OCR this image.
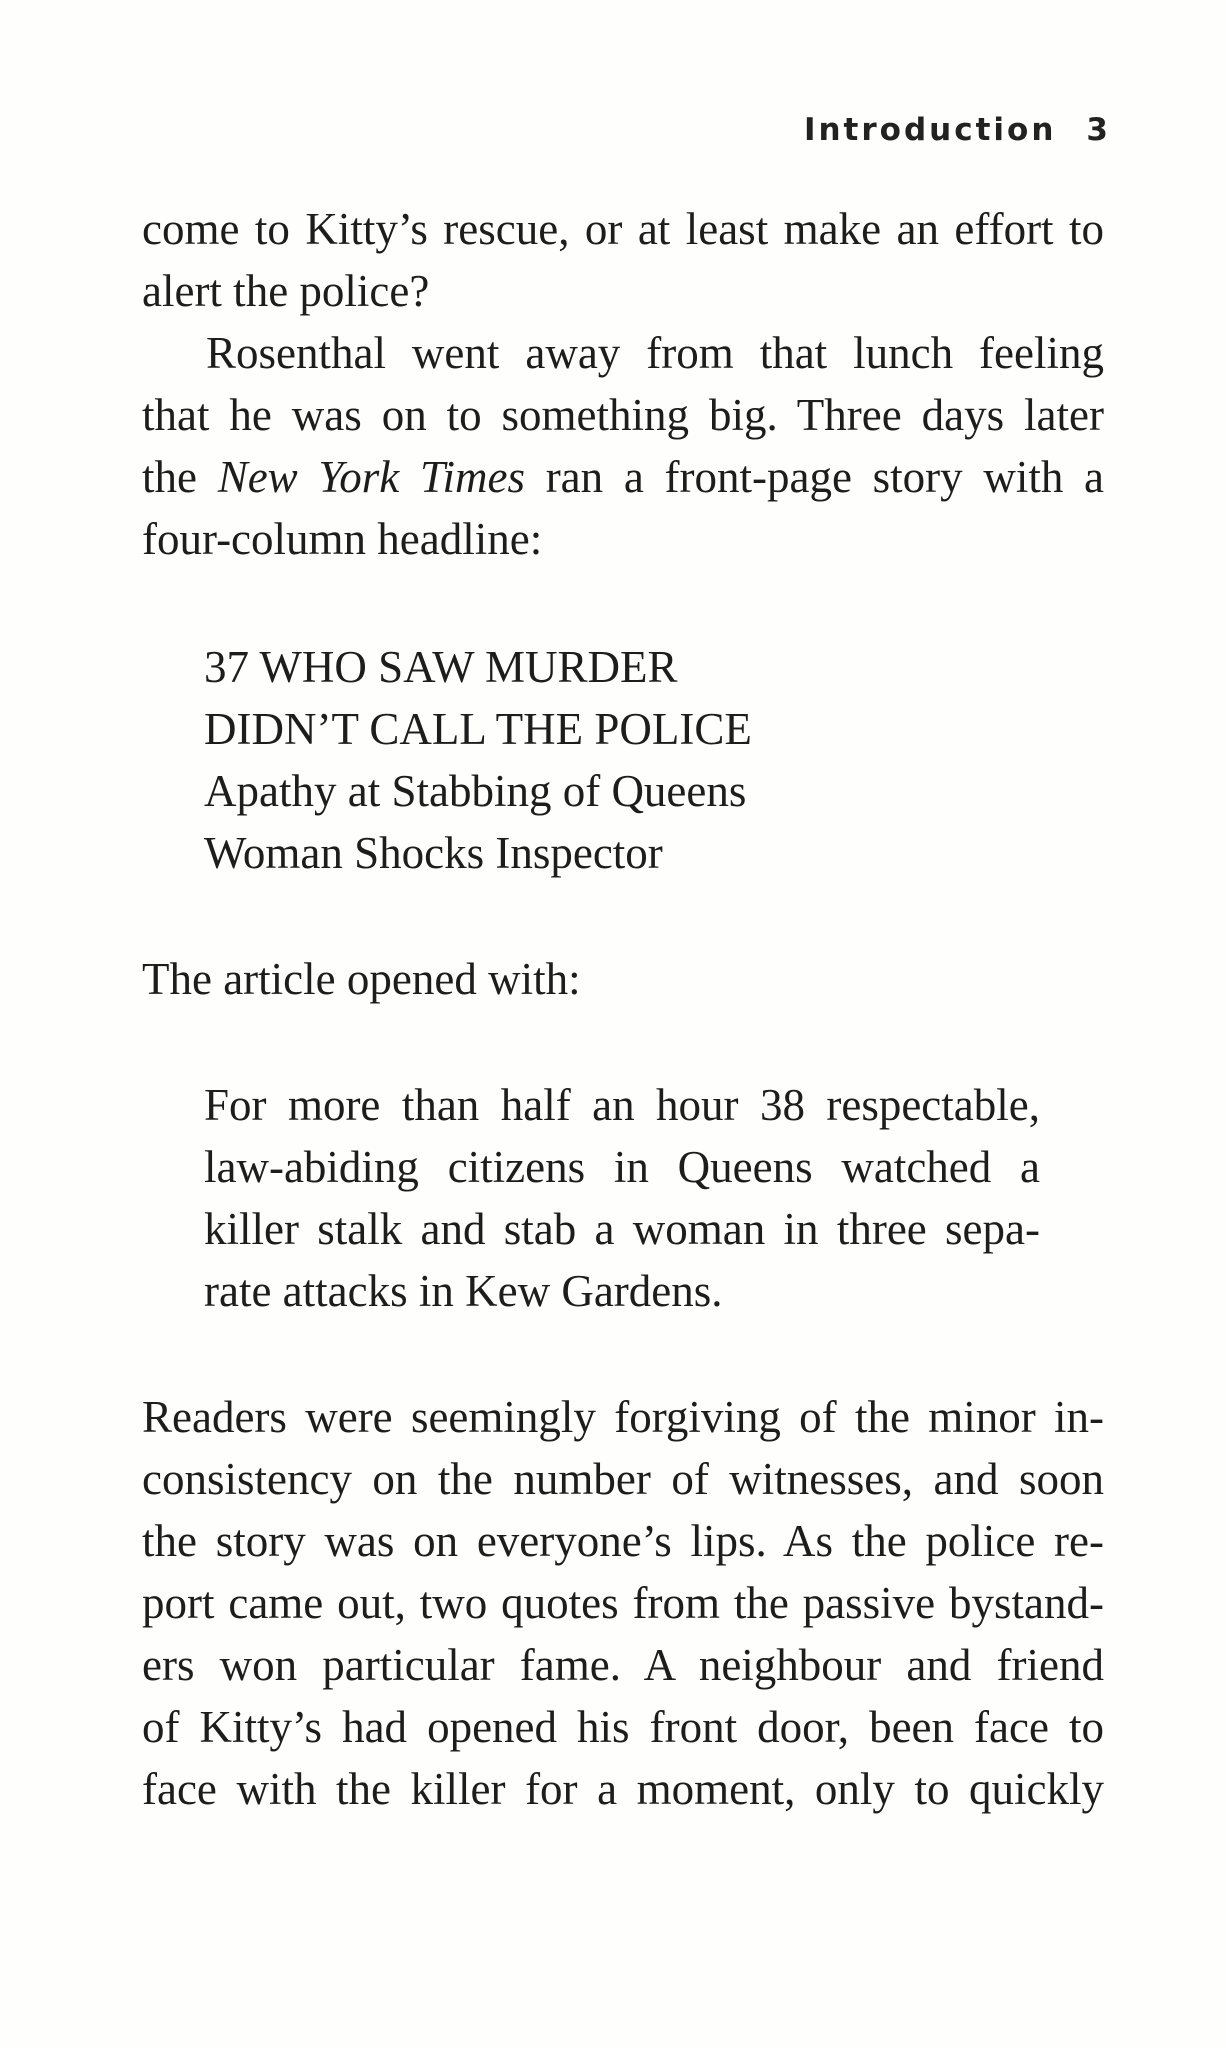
Introduction 3
come to Kitty’s rescue, or at least make an effort to
alert the police?
Rosenthal went away from that lunch feeling
that he was on to something big. Three days later
the New York Times ran a front-page story with a
four-column headline:
37 WHO SAW MURDER
DIDN’T CALL THE POLICE
Apathy at Stabbing of Queens
Woman Shocks Inspector
The article opened with:
For more than half an hour 38 respectable,
law-abiding citizens in Queens watched a
killer stalk and stab a woman in three sepa-
rate attacks in Kew Gardens.
Readers were seemingly forgiving of the minor in-
consistency on the number of witnesses, and soon
the story was on everyone’s lips. As the police re-
port came out, two quotes from the passive bystand-
ers won particular fame. A neighbour and friend
of Kitty’s had opened his front door, been face to
face with the killer for a moment, only to quickly
